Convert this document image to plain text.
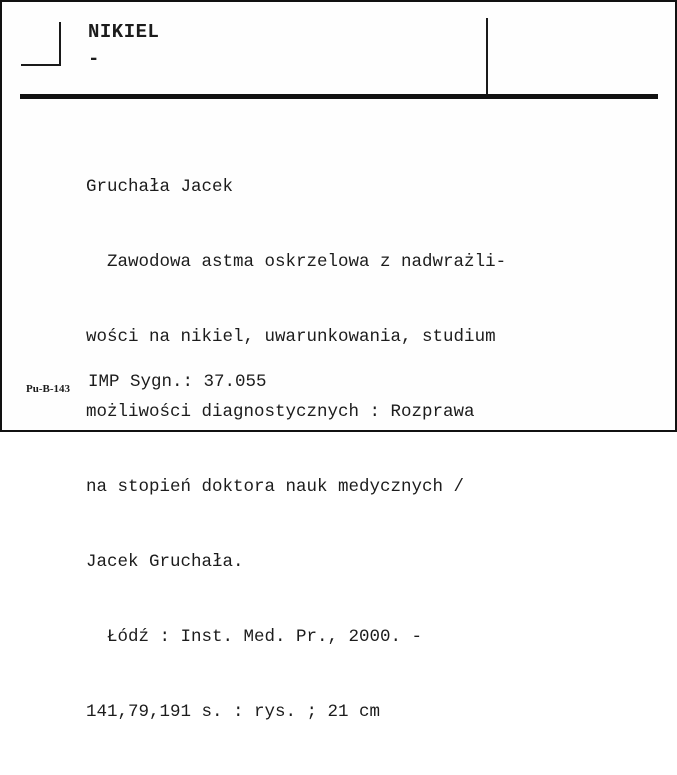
NIKIEL
-

Gruchała Jacek

Zawodowa astma oskrzelowa z nadwrażli-

wości na nikiel, uwarunkowania, studium

możliwości diagnostycznych : Rozprawa

na stopień doktora nauk medycznych /

Jacek Gruchała.

Łódź : Inst. Med. Pr., 2000. -

141,79,191 s. : rys. ; 21 cm

Pu-B-143 IMP Sygn.: 37.055
